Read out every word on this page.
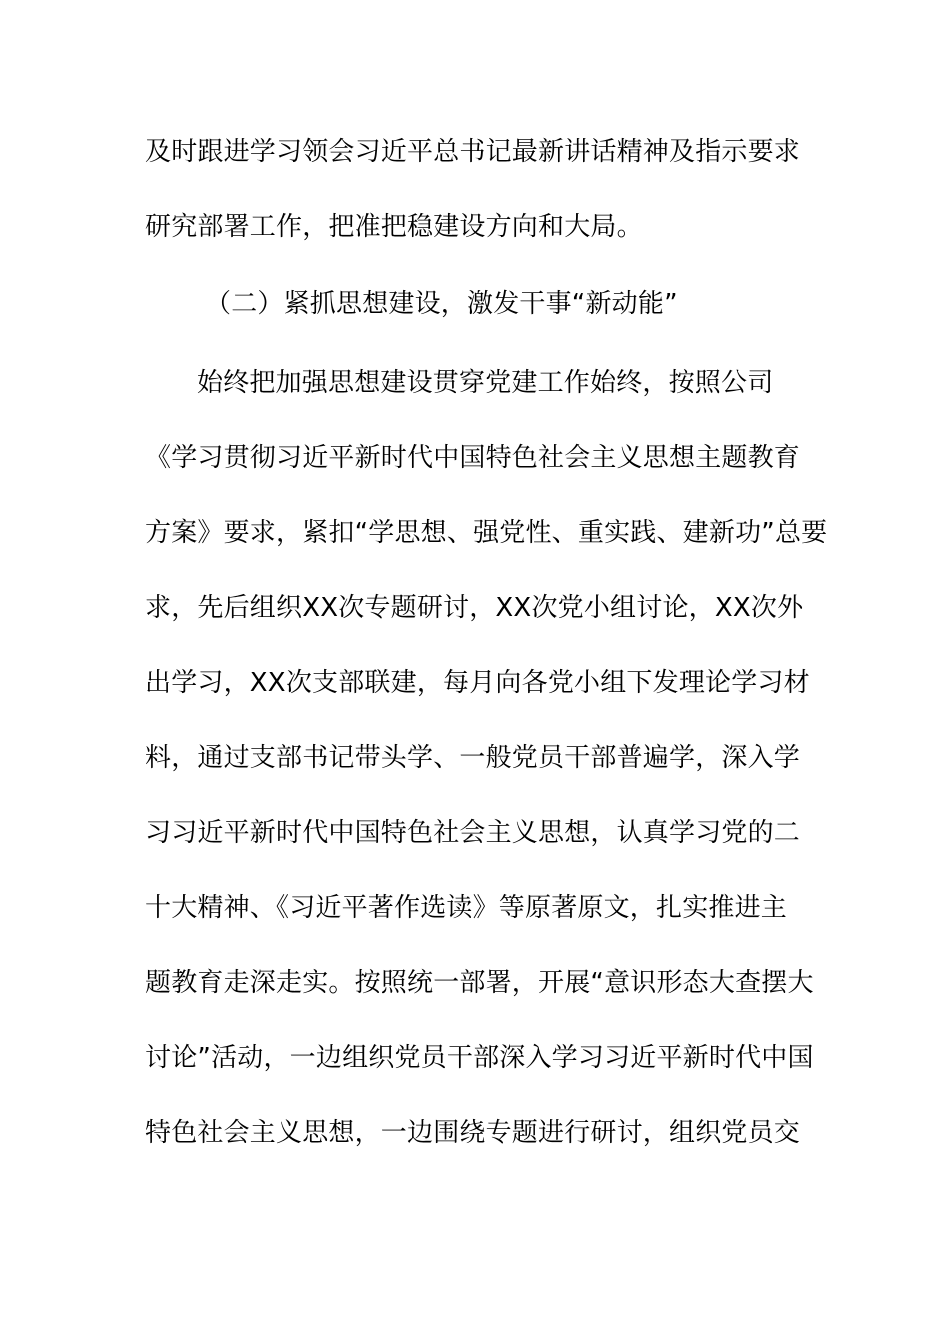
及时跟进学习领会习近平总书记最新讲话精神及指示要求
研究部署工作，把准把稳建设方向和大局。
（二）紧抓思想建设，激发干事“新动能”
始终把加强思想建设贯穿党建工作始终，按照公司
《学习贯彻习近平新时代中国特色社会主义思想主题教育
方案》要求，紧扣“学思想、强党性、重实践、建新功”总要
求，先后组织XX次专题研讨，XX次党小组讨论，XX次外
出学习，XX次支部联建，每月向各党小组下发理论学习材
料，通过支部书记带头学、一般党员干部普遍学，深入学
习习近平新时代中国特色社会主义思想，认真学习党的二
十大精神、《习近平著作选读》等原著原文，扎实推进主
题教育走深走实。按照统一部署，开展“意识形态大查摆大
讨论”活动，一边组织党员干部深入学习习近平新时代中国
特色社会主义思想，一边围绕专题进行研讨，组织党员交
